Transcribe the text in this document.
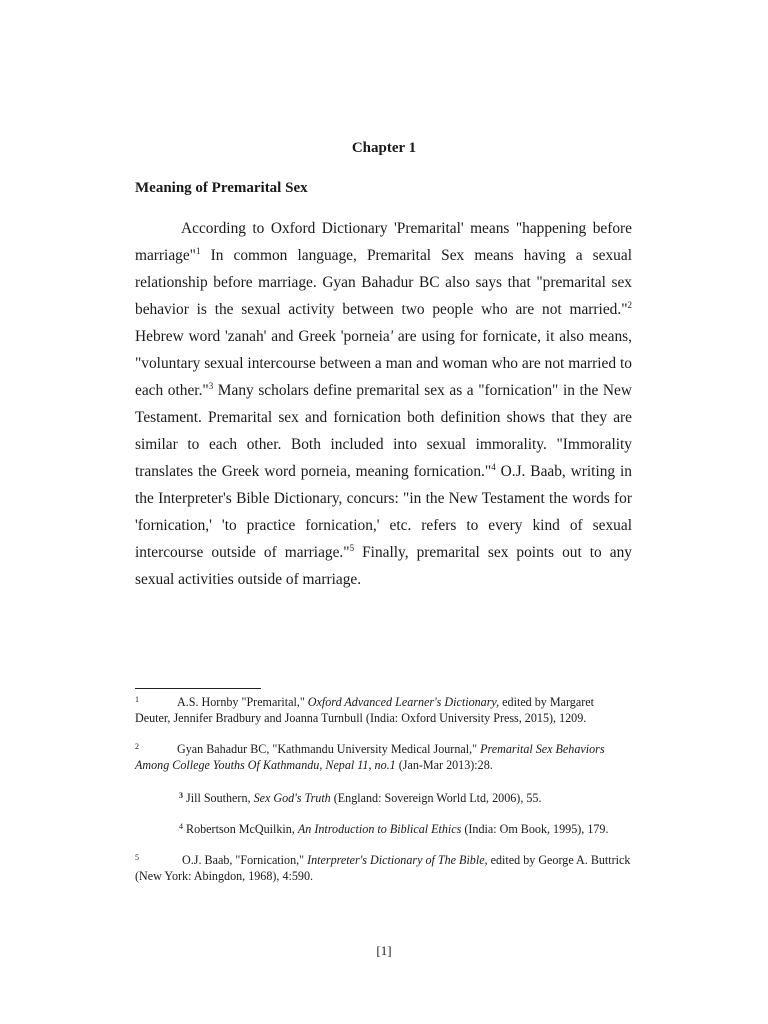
Chapter 1
Meaning of Premarital Sex

According to Oxford Dictionary 'Premarital' means "happening before marriage"$^1$ In common language, Premarital Sex means having a sexual relationship before marriage. Gyan Bahadur BC also says that "premarital sex behavior is the sexual activity between two people who are not married."$^2$ Hebrew word 'zanah' and Greek 'porneia' are using for fornicate, it also means, "voluntary sexual intercourse between a man and woman who are not married to each other."$^3$ Many scholars define premarital sex as a "fornication" in the New Testament. Premarital sex and fornication both definition shows that they are similar to each other. Both included into sexual immorality. "Immorality translates the Greek word porneia, meaning fornication."$^4$ O.J. Baab, writing in the Interpreter's Bible Dictionary, concurs: "in the New Testament the words for 'fornication,' 'to practice fornication,' etc. refers to every kind of sexual intercourse outside of marriage."$^5$ Finally, premarital sex points out to any sexual activities outside of marriage.

$^1$	A.S. Hornby "Premarital," Oxford Advanced Learner's Dictionary, edited by Margaret Deuter, Jennifer Bradbury and Joanna Turnbull (India: Oxford University Press, 2015), 1209.

$^2$	Gyan Bahadur BC, "Kathmandu University Medical Journal," Premarital Sex Behaviors Among College Youths Of Kathmandu, Nepal 11, no.1 (Jan-Mar 2013):28.

$^3$ Jill Southern, Sex God's Truth (England: Sovereign World Ltd, 2006), 55.

$^4$ Robertson McQuilkin, An Introduction to Biblical Ethics (India: Om Book, 1995), 179.

$^5$	O.J. Baab, "Fornication," Interpreter's Dictionary of The Bible, edited by George A. Buttrick (New York: Abingdon, 1968), 4:590.

[1]
